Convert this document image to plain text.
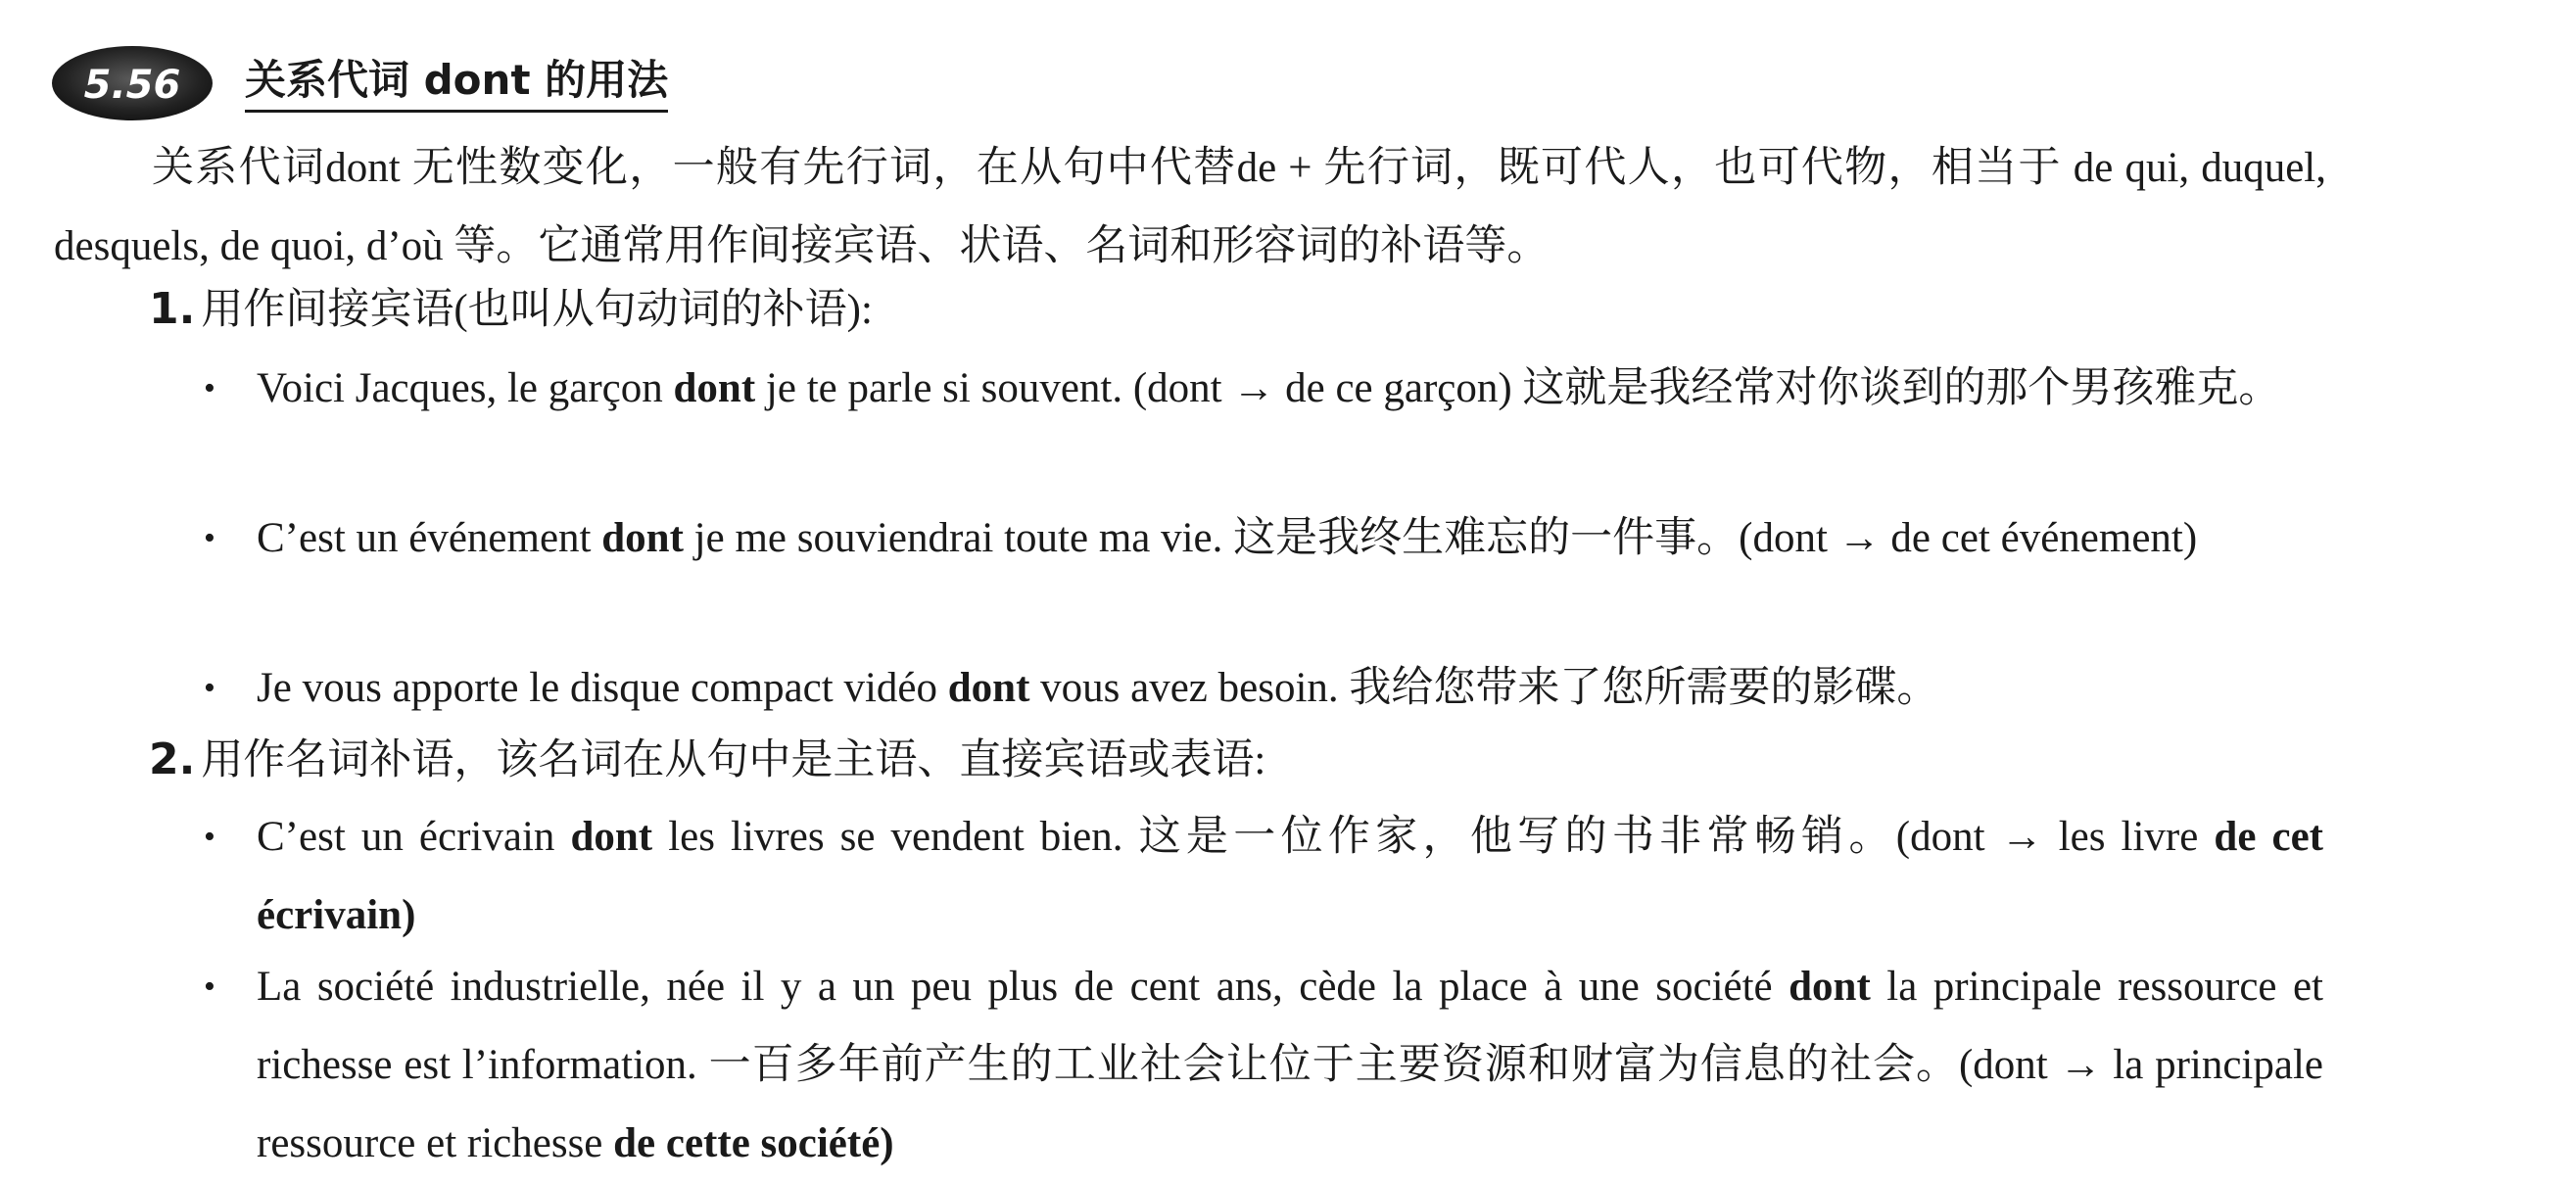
5.56 关系代词 dont 的用法
关系代词dont 无性数变化，一般有先行词，在从句中代替de + 先行词，既可代人，也可代物，相当于 de qui, duquel, desquels, de quoi, d’où 等。它通常用作间接宾语、状语、名词和形容词的补语等。
1. 用作间接宾语(也叫从句动词的补语):
• Voici Jacques, le garçon dont je te parle si souvent. (dont → de ce garçon) 这就是我经常对你谈到的那个男孩雅克。
• C’est un événement dont je me souviendrai toute ma vie. 这是我终生难忘的一件事。(dont → de cet événement)
• Je vous apporte le disque compact vidéo dont vous avez besoin. 我给您带来了您所需要的影碟。
2. 用作名词补语，该名词在从句中是主语、直接宾语或表语:
• C’est un écrivain dont les livres se vendent bien. 这是一位作家，他写的书非常畅销。(dont → les livre de cet écrivain)
• La société industrielle, née il y a un peu plus de cent ans, cède la place à une société dont la principale ressource et richesse est l’information. 一百多年前产生的工业社会让位于主要资源和财富为信息的社会。(dont → la principale ressource et richesse de cette société)
